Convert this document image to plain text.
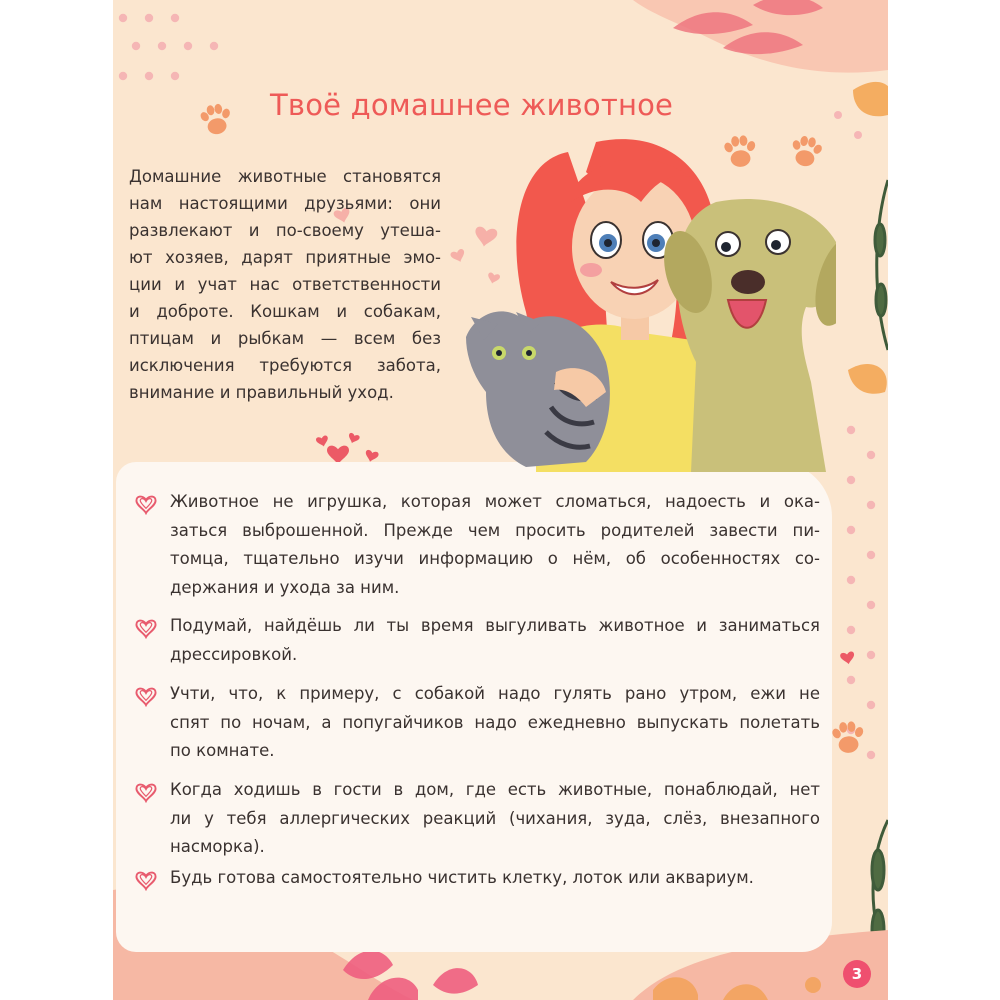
Твоё домашнее животное

Домашние животные становятся
нам настоящими друзьями: они
развлекают и по-своему утеша-
ют хозяев, дарят приятные эмо-
ции и учат нас ответственности
и доброте. Кошкам и собакам,
птицам и рыбкам — всем без
исключения требуются забота,
внимание и правильный уход.

Животное не игрушка, которая может сломаться, надоесть и ока-
заться выброшенной. Прежде чем просить родителей завести пи-
томца, тщательно изучи информацию о нём, об особенностях со-
держания и ухода за ним.
Подумай, найдёшь ли ты время выгуливать животное и заниматься
дрессировкой.
Учти, что, к примеру, с собакой надо гулять рано утром, ежи не
спят по ночам, а попугайчиков надо ежедневно выпускать полетать
по комнате.
Когда ходишь в гости в дом, где есть животные, понаблюдай, нет
ли у тебя аллергических реакций (чихания, зуда, слёз, внезапного
насморка).
Будь готова самостоятельно чистить клетку, лоток или аквариум.
3
